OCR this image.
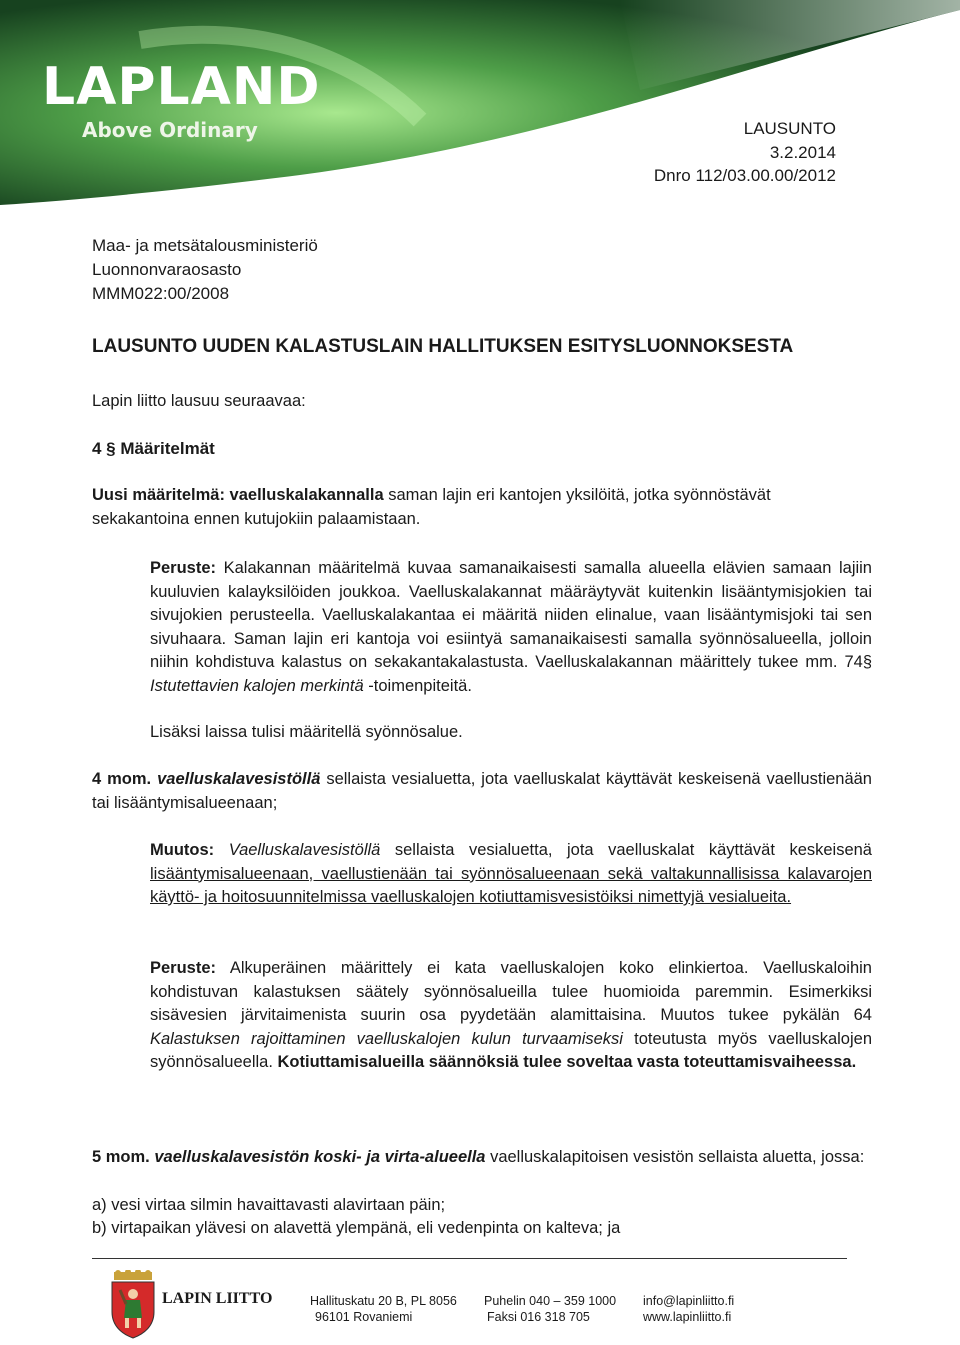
LAPLAND
Above Ordinary	LAUSUNTO
3.2.2014
Dnro 112/03.00.00/2012
Maa- ja metsätalousministeriö
Luonnonvaraosasto
MMM022:00/2008
LAUSUNTO UUDEN KALASTUSLAIN HALLITUKSEN ESITYSLUONNOKSESTA

Lapin liitto lausuu seuraavaa:

4 § Määritelmät

Uusi määritelmä: vaelluskalakannalla saman lajin eri kantojen yksilöitä, jotka syönnöstävät sekakantoina ennen kutujokiin palaamistaan.

Peruste: Kalakannan määritelmä kuvaa samanaikaisesti samalla alueella elävien samaan lajiin kuuluvien kalayksilöiden joukkoa. Vaelluskalakannat määräytyvät kuitenkin lisääntymisjokien tai sivujokien perusteella. Vaelluskalakantaa ei määritä niiden elinalue, vaan lisääntymisjoki tai sen sivuhaara. Saman lajin eri kantoja voi esiintyä samanaikaisesti samalla syönnösalueella, jolloin niihin kohdistuva kalastus on sekakantakalastusta. Vaelluskalakannan määrittely tukee mm. 74§ Istutettavien kalojen merkintä -toimenpiteitä.

Lisäksi laissa tulisi määritellä syönnösalue.

4 mom. vaelluskalavesistöllä sellaista vesialuetta, jota vaelluskalat käyttävät keskeisenä vaellustienään tai lisääntymisalueenaan;

Muutos: Vaelluskalavesistöllä sellaista vesialuetta, jota vaelluskalat käyttävät keskeisenä lisääntymisalueenaan, vaellustienään tai syönnösalueenaan sekä valtakunnallisissa kalavarojen käyttö- ja hoitosuunnitelmissa vaelluskalojen kotiuttamisvesistöiksi nimettyjä vesialueita.

Peruste: Alkuperäinen määrittely ei kata vaelluskalojen koko elinkiertoa. Vaelluskaloihin kohdistuvan kalastuksen säätely syönnösalueilla tulee huomioida paremmin. Esimerkiksi sisävesien järvitaimenista suurin osa pyydetään alamittaisina. Muutos tukee pykälän 64 Kalastuksen rajoittaminen vaelluskalojen kulun turvaamiseksi toteutusta myös vaelluskalojen syönnösalueella. Kotiuttamisalueilla säännöksiä tulee soveltaa vasta toteuttamisvaiheessa.

5 mom. vaelluskalavesistön koski- ja virta-alueella vaelluskalapitoisen vesistön sellaista aluetta, jossa:

a) vesi virtaa silmin havaittavasti alavirtaan päin;

b) virtapaikan ylävesi on alavettä ylempänä, eli vedenpinta on kalteva; ja

LAPIN LIITTO	Hallituskatu 20 B, PL 8056
96101 Rovaniemi
Puhelin 040 – 359 1000
Faksi 016 318 705
info@lapinliitto.fi
www.lapinliitto.fi
